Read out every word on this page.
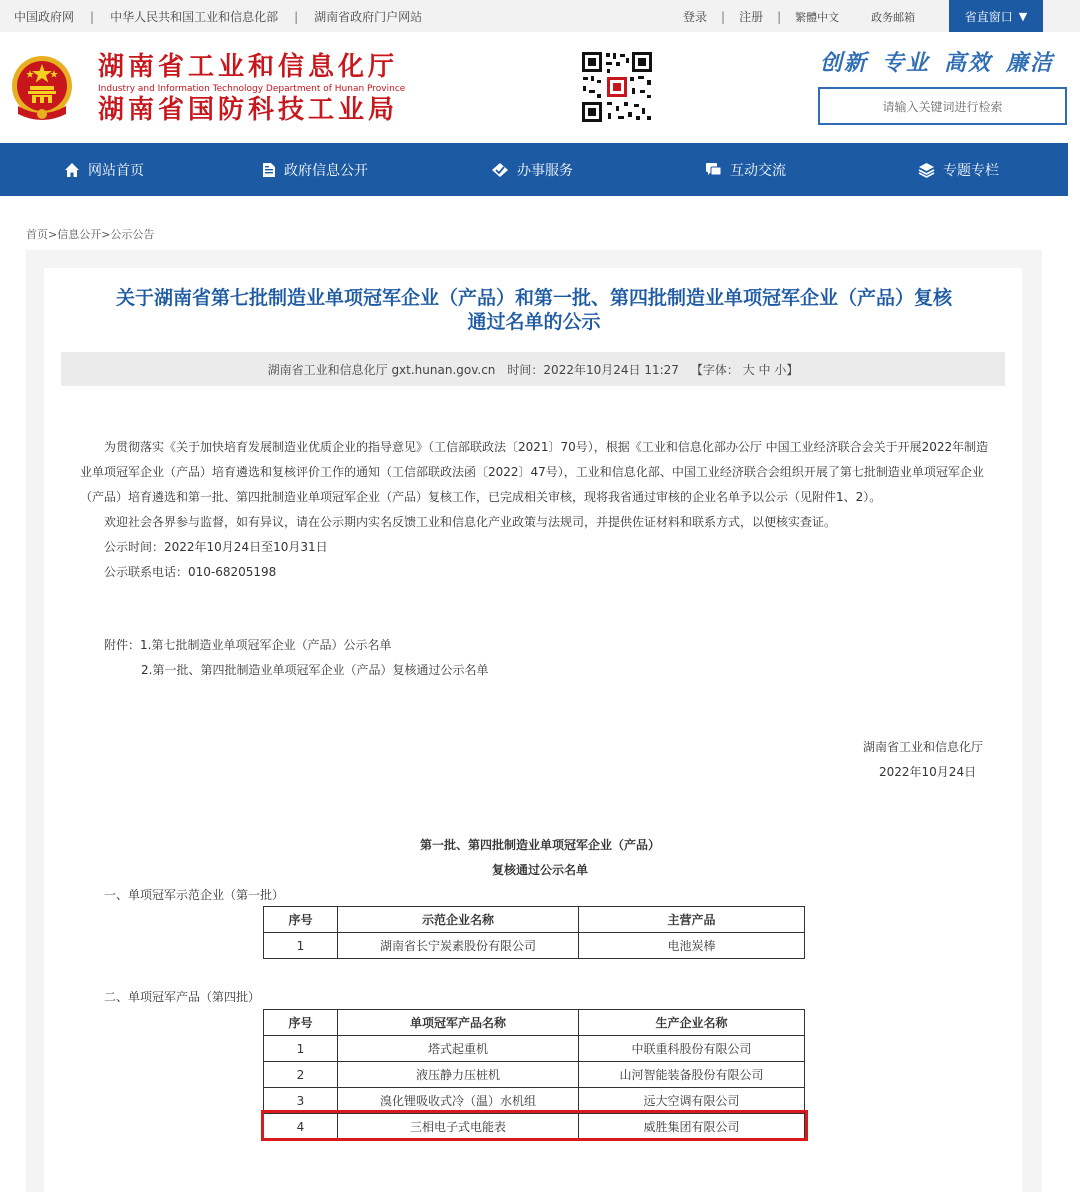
中国政府网 | 中华人民共和国工业和信息化部 | 湖南省政府门户网站	登录 | 注册 | 繁體中文	政务邮箱	省直窗口 ▼
湖南省工业和信息化厅
Industry and Information Technology Department of Hunan Province
湖南省国防科技工业局
创新 专业 高效 廉洁
请输入关键词进行检索
网站首页	政府信息公开	办事服务	互动交流	专题专栏
首页>信息公开>公示公告
关于湖南省第七批制造业单项冠军企业（产品）和第一批、第四批制造业单项冠军企业（产品）复核
通过名单的公示
湖南省工业和信息化厅 gxt.hunan.gov.cn 时间：2022年10月24日 11:27 【字体： 大 中 小】

为贯彻落实《关于加快培育发展制造业优质企业的指导意见》（工信部联政法〔2021〕70号），根据《工业和信息化部办公厅 中国工业经济联合会关于开展2022年制造业单项冠军企业（产品）培育遴选和复核评价工作的通知（工信部联政法函〔2022〕47号），工业和信息化部、中国工业经济联合会组织开展了第七批制造业单项冠军企业（产品）培育遴选和第一批、第四批制造业单项冠军企业（产品）复核工作，已完成相关审核，现将我省通过审核的企业名单予以公示（见附件1、2）。

欢迎社会各界参与监督，如有异议，请在公示期内实名反馈工业和信息化产业政策与法规司，并提供佐证材料和联系方式，以便核实查证。

公示时间：2022年10月24日至10月31日

公示联系电话：010-68205198

附件：1.第七批制造业单项冠军企业（产品）公示名单
2.第一批、第四批制造业单项冠军企业（产品）复核通过公示名单
湖南省工业和信息化厅
2022年10月24日
第一批、第四批制造业单项冠军企业（产品）
复核通过公示名单
一、单项冠军示范企业（第一批）
序号	示范企业名称	主营产品
1	湖南省长宁炭素股份有限公司	电池炭棒
二、单项冠军产品（第四批）
序号	单项冠军产品名称	生产企业名称
1	塔式起重机	中联重科股份有限公司
2	液压静力压桩机	山河智能装备股份有限公司
3	溴化锂吸收式冷（温）水机组	远大空调有限公司
4	三相电子式电能表	威胜集团有限公司
